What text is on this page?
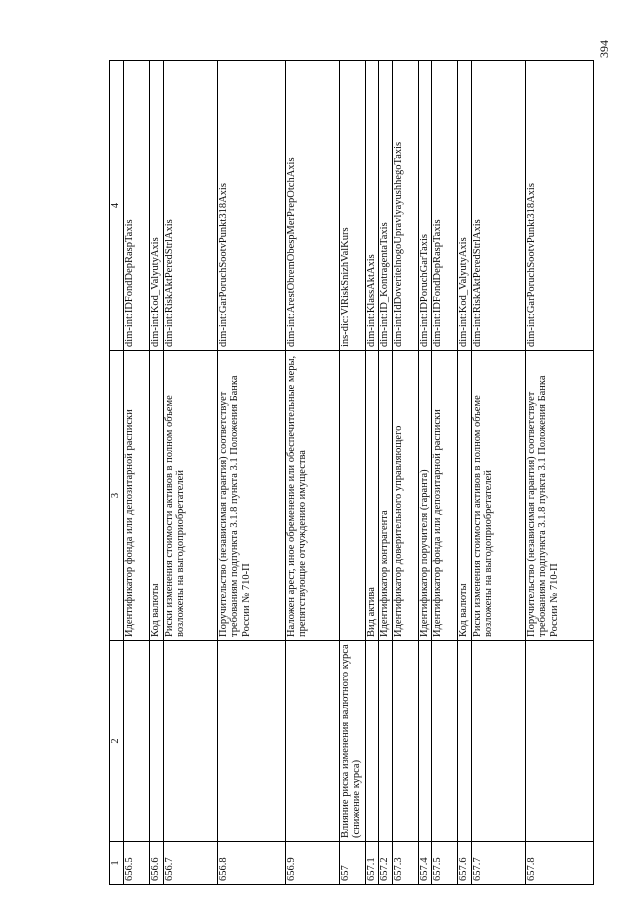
394
1	2	3	4
656.5		Идентификатор фонда или депозитарной расписки	dim-int:IDFondDepRaspTaxis
656.6		Код валюты	dim-int:Kod_ValyutyAxis
656.7		Риски изменения стоимости активов в полном объеме возложены на выгодоприобретателей	dim-int:RiskAktPeredStrlAxis
656.8		Поручительство (независимая гарантия) соответствует требованиям подпункта 3.1.8 пункта 3.1 Положения Банка России № 710-П	dim-int:GarPoruchSootvPunkt318Axis
656.9		Наложен арест, иное обременение или обеспечительные меры, препятствующие отчуждению имущества	dim-int:ArestObremObespMerPrepOtchAxis
657	Влияние риска изменения валютного курса (снижение курса)		ins-dic:VlRiskSnizhValKurs
657.1		Вид актива	dim-int:KlassAktAxis
657.2		Идентификатор контрагента	dim-int:ID_KontragentaTaxis
657.3		Идентификатор доверительного управляющего	dim-int:IdDoveritelnogoUpravlyayushhegoTaxis
657.4		Идентификатор поручителя (гаранта)	dim-int:IDPoruchGarTaxis
657.5		Идентификатор фонда или депозитарной расписки	dim-int:IDFondDepRaspTaxis
657.6		Код валюты	dim-int:Kod_ValyutyAxis
657.7		Риски изменения стоимости активов в полном объеме возложены на выгодоприобретателей	dim-int:RiskAktPeredStrlAxis
657.8		Поручительство (независимая гарантия) соответствует требованиям подпункта 3.1.8 пункта 3.1 Положения Банка России № 710-П	dim-int:GarPoruchSootvPunkt318Axis
